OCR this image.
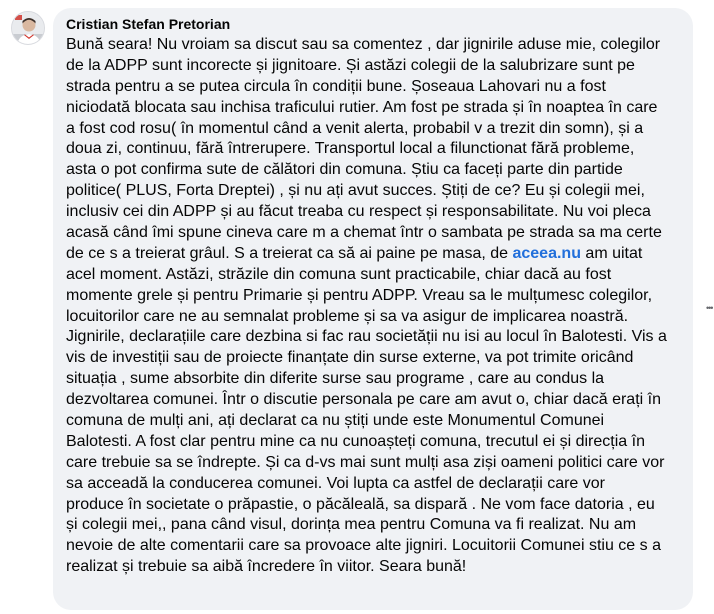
Cristian Stefan Pretorian
Bună seara! Nu vroiam sa discut sau sa comentez , dar jignirile aduse mie, colegilor
de la ADPP sunt incorecte și jignitoare. Și astăzi colegii de la salubrizare sunt pe
strada pentru a se putea circula în condiții bune. Șoseaua Lahovari nu a fost
niciodată blocata sau inchisa traficului rutier. Am fost pe strada și în noaptea în care
a fost cod rosu( în momentul când a venit alerta, probabil v a trezit din somn), și a
doua zi, continuu, fără întrerupere. Transportul local a filunctionat fără probleme,
asta o pot confirma sute de călători din comuna. Știu ca faceți parte din partide
politice( PLUS, Forta Dreptei) , și nu ați avut succes. Știți de ce? Eu și colegii mei,
inclusiv cei din ADPP și au făcut treaba cu respect și responsabilitate. Nu voi pleca
acasă când îmi spune cineva care m a chemat într o sambata pe strada sa ma certe
de ce s a treierat grâul. S a treierat ca să ai paine pe masa, de aceea.nu am uitat
acel moment. Astăzi, străzile din comuna sunt practicabile, chiar dacă au fost
momente grele și pentru Primarie și pentru ADPP. Vreau sa le mulțumesc colegilor,
locuitorilor care ne au semnalat probleme și sa va asigur de implicarea noastră.
Jignirile, declarațiile care dezbina si fac rau societății nu isi au locul în Balotesti. Vis a
vis de investiții sau de proiecte finanțate din surse externe, va pot trimite oricând
situația , sume absorbite din diferite surse sau programe , care au condus la
dezvoltarea comunei. Într o discutie personala pe care am avut o, chiar dacă erați în
comuna de mulți ani, ați declarat ca nu știți unde este Monumentul Comunei
Balotesti. A fost clar pentru mine ca nu cunoașteți comuna, trecutul ei și direcția în
care trebuie sa se îndrepte. Și ca d-vs mai sunt mulți asa ziși oameni politici care vor
sa acceadă la conducerea comunei. Voi lupta ca astfel de declarații care vor
produce în societate o prăpastie, o păcăleală, sa dispară . Ne vom face datoria , eu
și colegii mei,, pana când visul, dorința mea pentru Comuna va fi realizat. Nu am
nevoie de alte comentarii care sa provoace alte jigniri. Locuitorii Comunei stiu ce s a
realizat și trebuie sa aibă încredere în viitor. Seara bună!
•••
